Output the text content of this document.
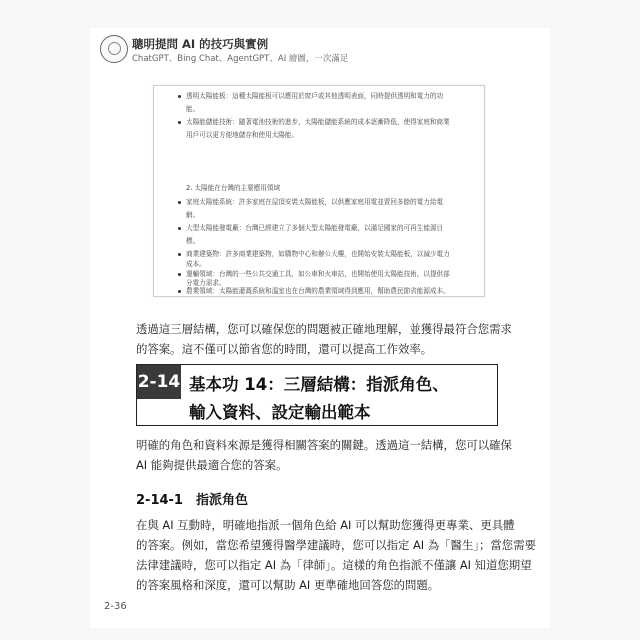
聰明提問 AI 的技巧與實例
ChatGPT、Bing Chat、AgentGPT、AI 繪圖，一次滿足
透明太陽能板：這種太陽能板可以應用於窗戶或其他透明表面，同時提供透明和電力的功
能。
太陽能儲能技術：隨著電池技術的進步，太陽能儲能系統的成本逐漸降低，使得家庭和商業
用戶可以更方便地儲存和使用太陽能。
2. 太陽能在台灣的主要應用領域
家庭太陽能系統：許多家庭在屋頂安裝太陽能板，以供應家庭用電並賣回多餘的電力給電
網。
大型太陽能發電廠：台灣已經建立了多個大型太陽能發電廠，以滿足國家的可再生能源目
標。
商業建築物：許多商業建築物，如購物中心和辦公大樓，也開始安裝太陽能板，以減少電力
成本。
運輸領域：台灣的一些公共交通工具，如公車和火車站，也開始使用太陽能技術，以提供部
分電力需求。
農業領域：太陽能灌溉系統和溫室也在台灣的農業領域得到應用，幫助農民節省能源成本。
透過這三層結構，您可以確保您的問題被正確地理解，並獲得最符合您需求
的答案。這不僅可以節省您的時間，還可以提高工作效率。
2-14 基本功 14：三層結構：指派角色、
輸入資料、設定輸出範本
明確的角色和資料來源是獲得相關答案的關鍵。透過這一結構，您可以確保
AI 能夠提供最適合您的答案。
2-14-1　指派角色
在與 AI 互動時，明確地指派一個角色給 AI 可以幫助您獲得更專業、更具體
的答案。例如，當您希望獲得醫學建議時，您可以指定 AI 為「醫生」；當您需要
法律建議時，您可以指定 AI 為「律師」。這樣的角色指派不僅讓 AI 知道您期望
的答案風格和深度，還可以幫助 AI 更準確地回答您的問題。
2-36
